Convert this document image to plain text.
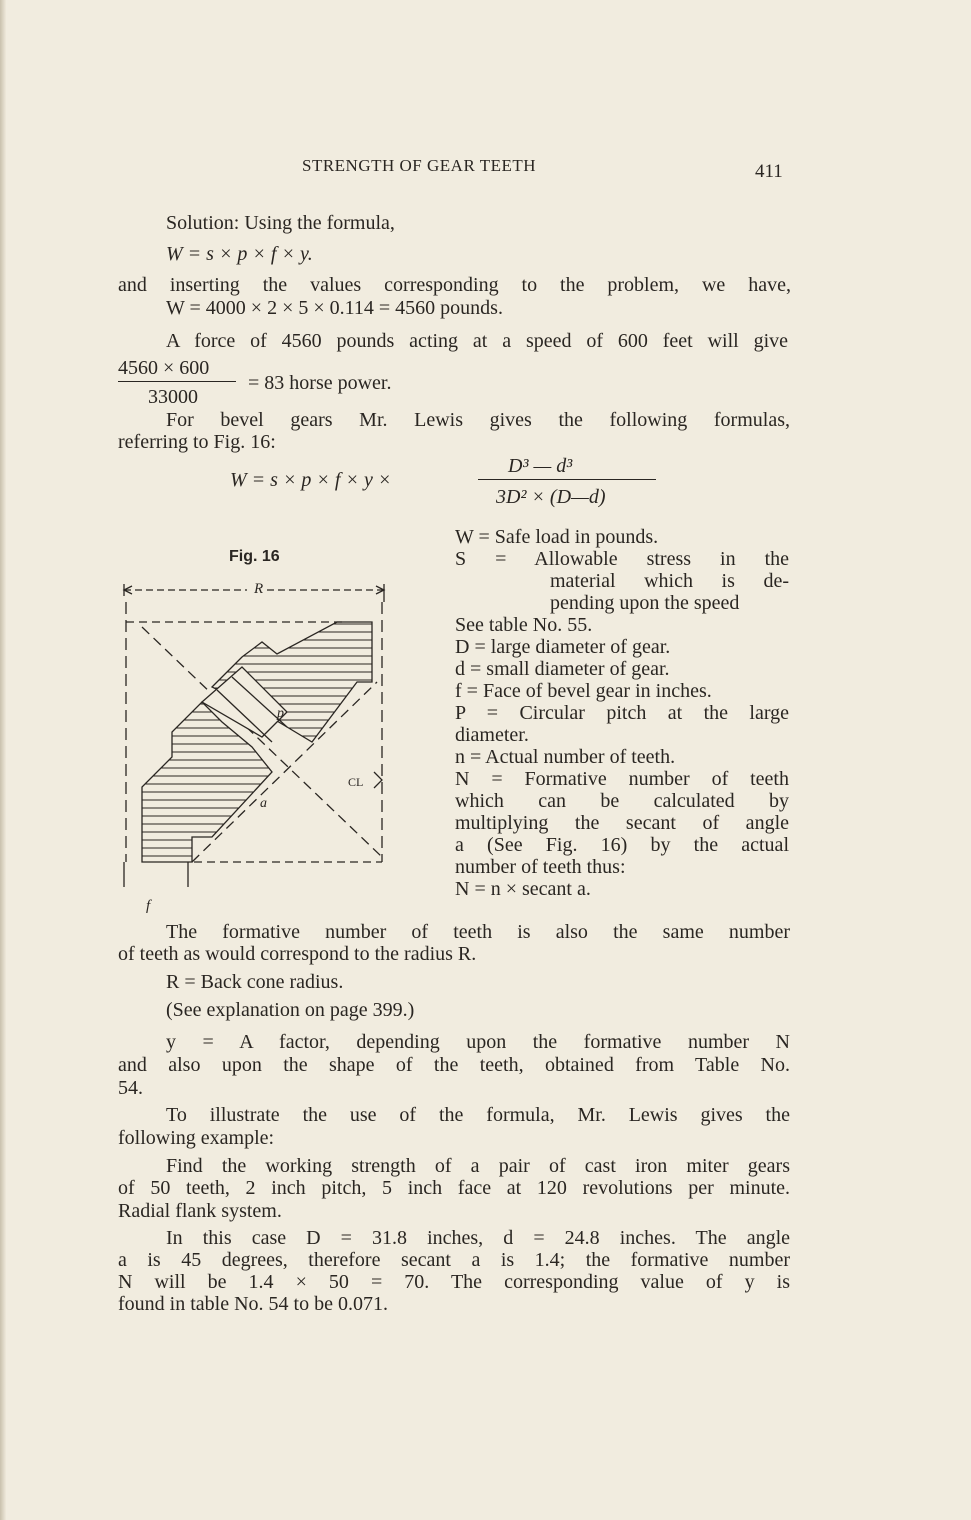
STRENGTH OF GEAR TEETH	411
Solution: Using the formula,
W = s × p × f × y.
and inserting the values corresponding to the problem, we have,
W = 4000 × 2 × 5 × 0.114 = 4560 pounds.
A force of 4560 pounds acting at a speed of 600 feet will give
4560 × 600
33000
= 83 horse power.
For bevel gears Mr. Lewis gives the following formulas,
referring to Fig. 16:
W = s × p × f × y ×
D³ — d³
3D² × (D—d)
Fig. 16
R
p
a
CL
f
W = Safe load in pounds.
S = Allowable stress in the
material which is de-
pending upon the speed
See table No. 55.
D = large diameter of gear.
d = small diameter of gear.
f = Face of bevel gear in inches.
P = Circular pitch at the large
diameter.
n = Actual number of teeth.
N = Formative number of teeth
which can be calculated by
multiplying the secant of angle
a (See Fig. 16) by the actual
number of teeth thus:
N = n × secant a.
The formative number of teeth is also the same number
of teeth as would correspond to the radius R.
R = Back cone radius.
(See explanation on page 399.)
y = A factor, depending upon the formative number N
and also upon the shape of the teeth, obtained from Table No.
54.
To illustrate the use of the formula, Mr. Lewis gives the
following example:
Find the working strength of a pair of cast iron miter gears
of 50 teeth, 2 inch pitch, 5 inch face at 120 revolutions per minute.
Radial flank system.
In this case D = 31.8 inches, d = 24.8 inches. The angle
a is 45 degrees, therefore secant a is 1.4; the formative number
N will be 1.4 × 50 = 70. The corresponding value of y is
found in table No. 54 to be 0.071.
